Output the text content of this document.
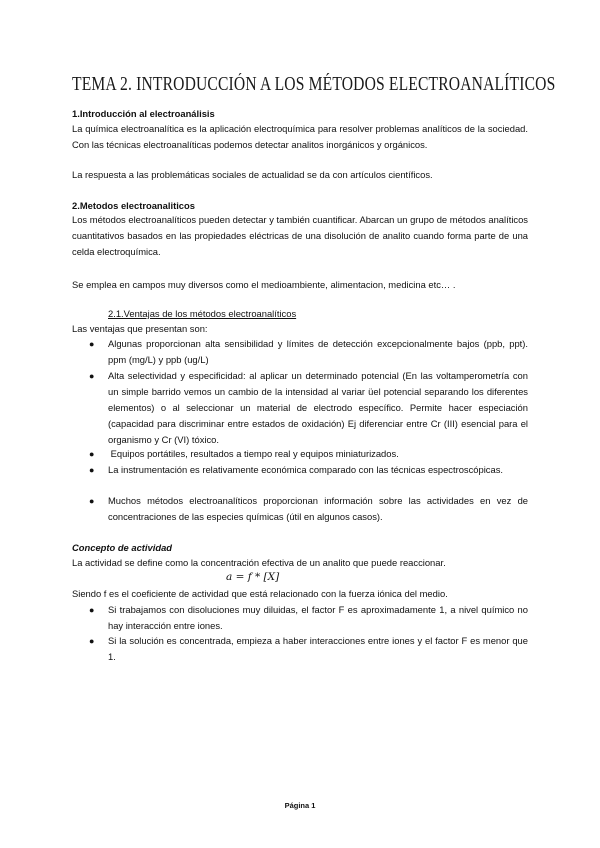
TEMA 2. INTRODUCCIÓN A LOS MÉTODOS ELECTROANALÍTICOS

1.Introducción al electroanálisis

La química electroanalítica es la aplicación electroquímica para resolver problemas analíticos de la sociedad. Con las técnicas electroanalíticas podemos detectar analitos inorgánicos y orgánicos.

La respuesta a las problemáticas sociales de actualidad se da con artículos científicos.

2.Metodos electroanaliticos

Los métodos electroanalíticos pueden detectar y también cuantificar. Abarcan un grupo de métodos analíticos cuantitativos basados en las propiedades eléctricas de una disolución de analito cuando forma parte de una celda electroquímica.

Se emplea en campos muy diversos como el medioambiente, alimentacion, medicina etc… .

2.1.Ventajas de los métodos electroanalíticos

Las ventajas que presentan son:

● Algunas proporcionan alta sensibilidad y límites de detección excepcionalmente bajos (ppb, ppt). ppm (mg/L) y ppb (ug/L)

● Alta selectividad y especificidad: al aplicar un determinado potencial (En las voltamperometría con un simple barrido vemos un cambio de la intensidad al variar üel potencial separando los diferentes elementos) o al seleccionar un material de electrodo específico. Permite hacer especiación (capacidad para discriminar entre estados de oxidación) Ej diferenciar entre Cr (III) esencial para el organismo y Cr (VI) tóxico.

● Equipos portátiles, resultados a tiempo real y equipos miniaturizados.

● La instrumentación es relativamente económica comparado con las técnicas espectroscópicas.

● Muchos métodos electroanalíticos proporcionan información sobre las actividades en vez de concentraciones de las especies químicas (útil en algunos casos).

Concepto de actividad

La actividad se define como la concentración efectiva de un analito que puede reaccionar.

a = f * [X]

Siendo f es el coeficiente de actividad que está relacionado con la fuerza iónica del medio.

● Si trabajamos con disoluciones muy diluidas, el factor F es aproximadamente 1, a nivel químico no hay interacción entre iones.

● Si la solución es concentrada, empieza a haber interacciones entre iones y el factor F es menor que 1.

Página 1
